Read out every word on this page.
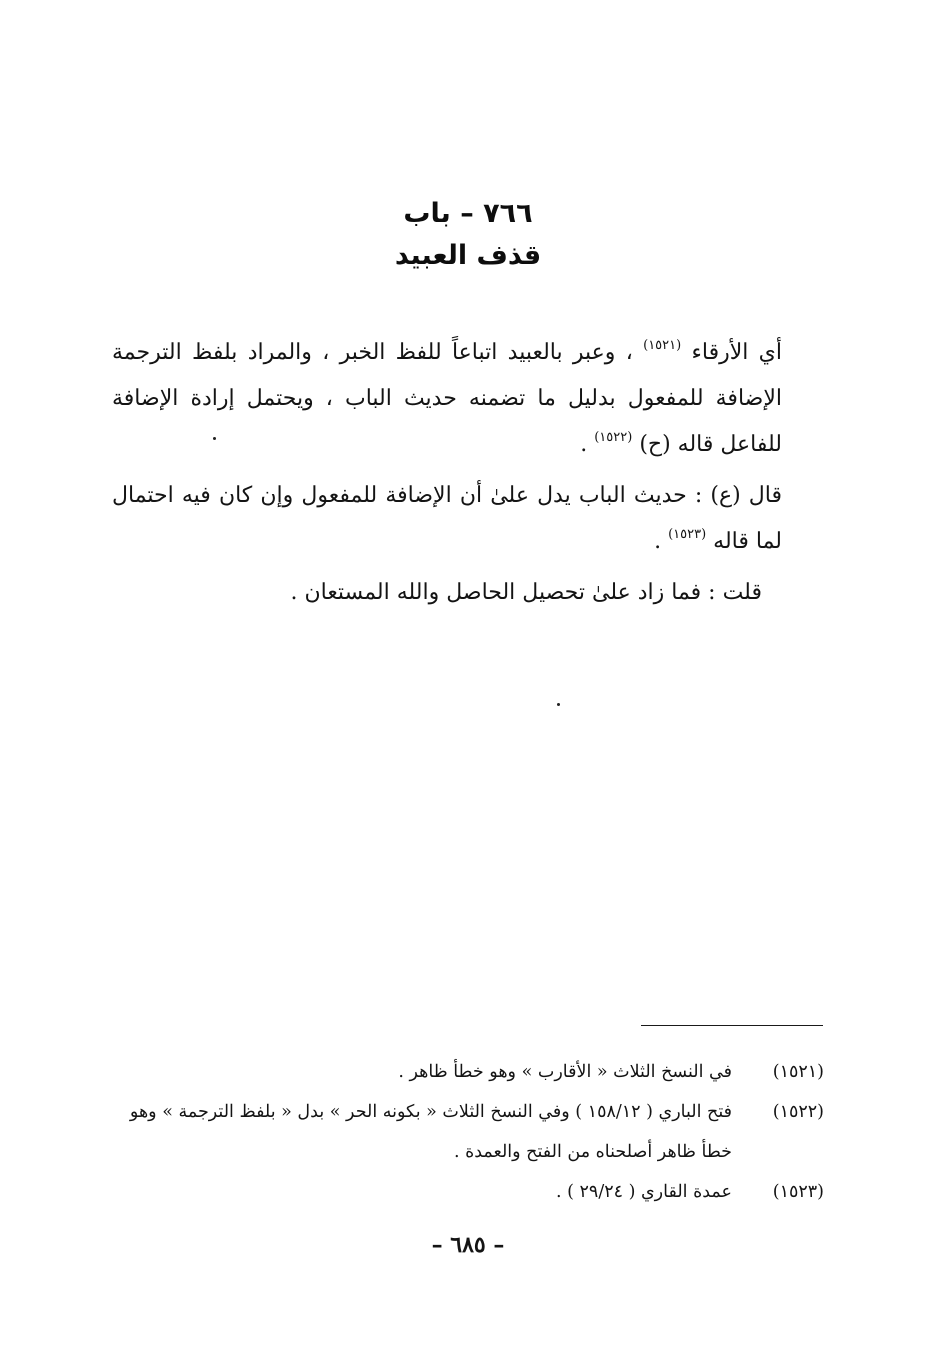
٧٦٦ – باب
قذف العبيد

أي الأرقاء $^{(١٥٢١)}$ ، وعبر بالعبيد اتباعاً للفظ الخبر ، والمراد بلفظ الترجمة الإضافة للمفعول بدليل ما تضمنه حديث الباب ، ويحتمل إرادة الإضافة للفاعل قاله (ح) $^{(١٥٢٢)}$ .

قال (ع) : حديث الباب يدل علىٰ أن الإضافة للمفعول وإن كان فيه احتمال لما قاله $^{(١٥٢٣)}$ .

قلت : فما زاد علىٰ تحصيل الحاصل والله المستعان .

(١٥٢١)
في النسخ الثلاث « الأقارب » وهو خطأ ظاهر .

(١٥٢٢)
فتح الباري ( ١٥٨/١٢ ) وفي النسخ الثلاث « بكونه الحر » بدل « بلفظ الترجمة » وهو خطأ ظاهر أصلحناه من الفتح والعمدة .

(١٥٢٣)
عمدة القاري ( ٢٩/٢٤ ) .

– ٦٨٥ –
